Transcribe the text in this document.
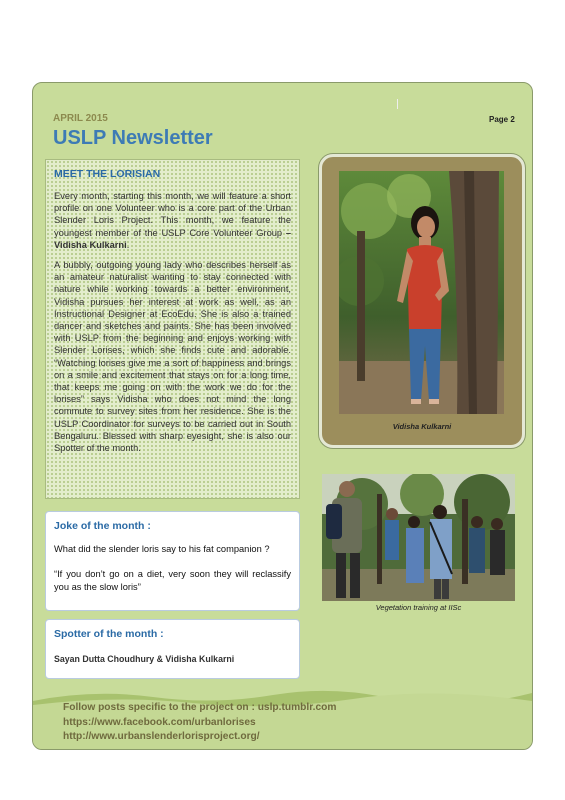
APRIL 2015
USLP Newsletter
Page 2
MEET THE LORISIAN

Every month, starting this month, we will feature a short profile on one Volunteer who is a core part of the Urban Slender Loris Project. This month, we feature the youngest member of the USLP Core Volunteer Group – Vidisha Kulkarni.

A bubbly, outgoing young lady who describes herself as an amateur naturalist wanting to stay connected with nature while working towards a better environment, Vidisha pursues her interest at work as well, as an Instructional Designer at EcoEdu. She is also a trained dancer and sketches and paints. She has been involved with USLP from the beginning and enjoys working with Slender Lorises, which she finds cute and adorable. “Watching lorises give me a sort of happiness and brings on a smile and excitement that stays on for a long time, that keeps me going on with the work we do for the lorises” says Vidisha who does not mind the long commute to survey sites from her residence. She is the USLP Coordinator for surveys to be carried out in South Bengaluru. Blessed with sharp eyesight, she is also our Spotter of the month.

Joke of the month :
What did the slender loris say to his fat companion ?
“If you don’t go on a diet, very soon they will reclassify you as the slow loris”
Spotter of the month :
Sayan Dutta Choudhury & Vidisha Kulkarni
Vidisha Kulkarni
Vegetation training at IISc
Follow posts specific to the project on : uslp.tumblr.com
https://www.facebook.com/urbanlorises
http://www.urbanslenderlorisproject.org/
